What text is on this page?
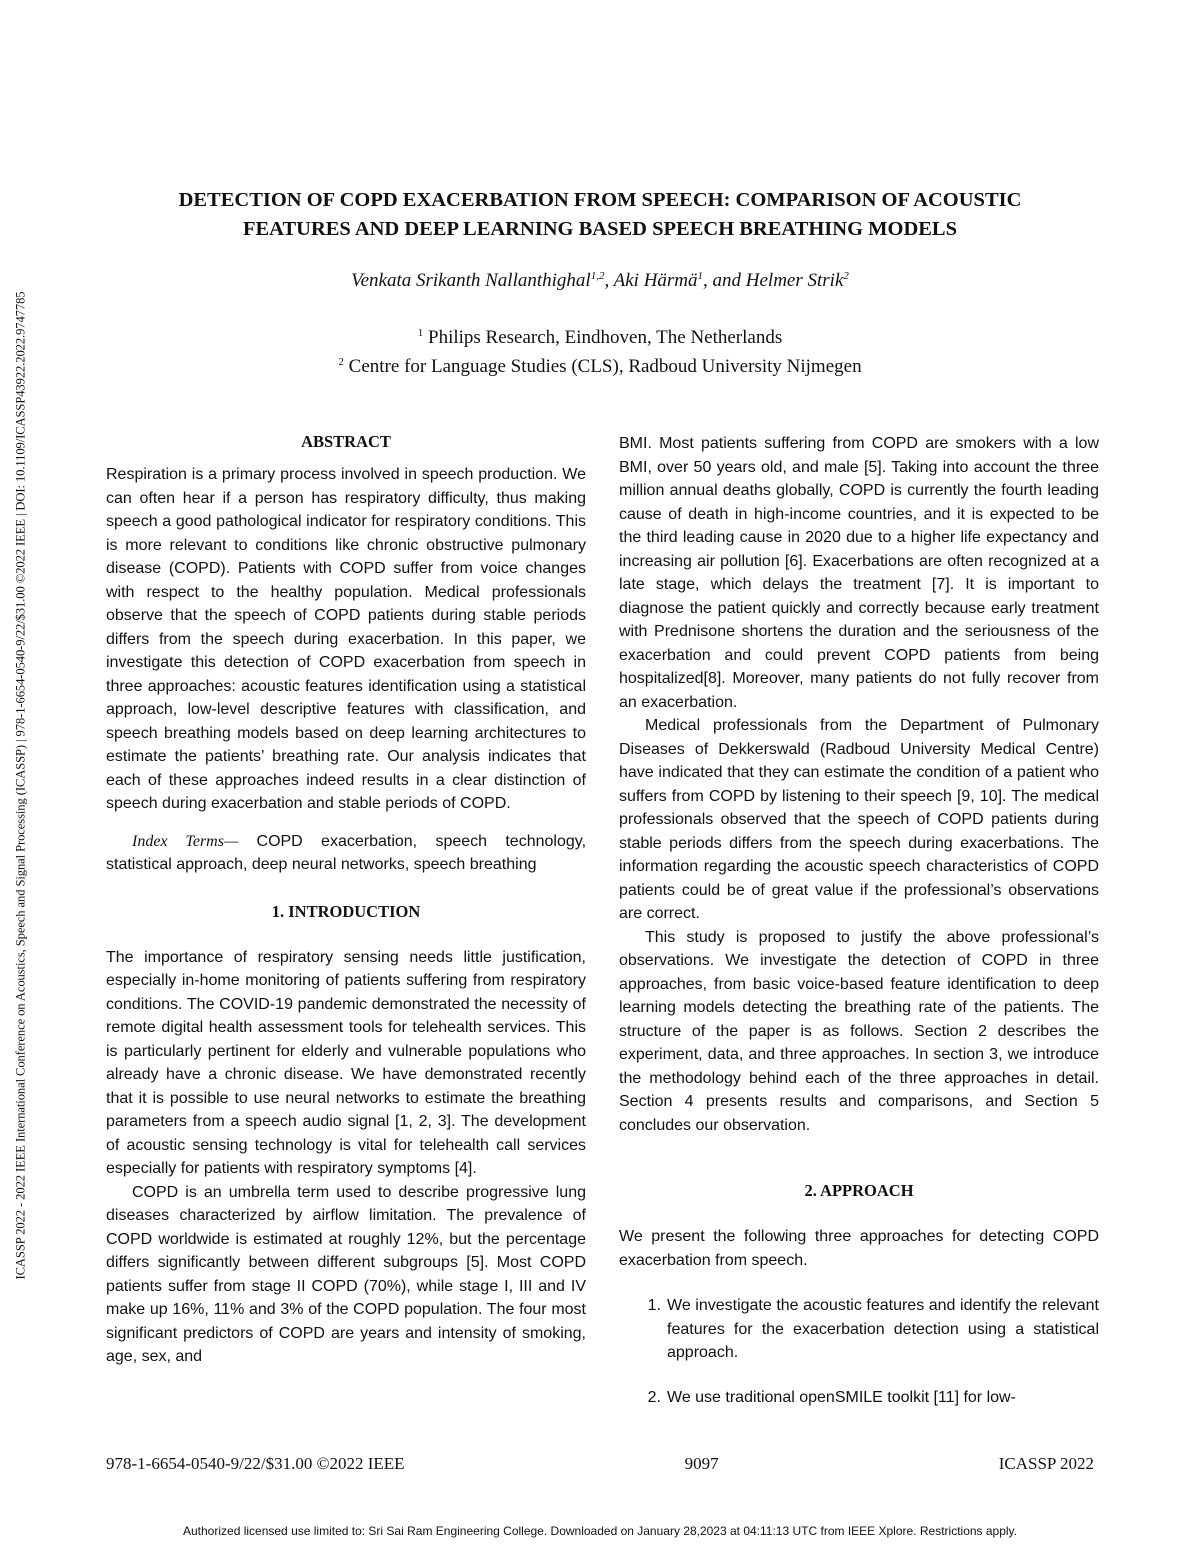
ICASSP 2022 - 2022 IEEE International Conference on Acoustics, Speech and Signal Processing (ICASSP) | 978-1-6654-0540-9/22/$31.00 ©2022 IEEE | DOI: 10.1109/ICASSP43922.2022.9747785
DETECTION OF COPD EXACERBATION FROM SPEECH: COMPARISON OF ACOUSTIC
FEATURES AND DEEP LEARNING BASED SPEECH BREATHING MODELS

Venkata Srikanth Nallanthighal$^{1,2}$, Aki Härmä$^1$, and Helmer Strik$^2$

$^1$ Philips Research, Eindhoven, The Netherlands
$^2$ Centre for Language Studies (CLS), Radboud University Nijmegen

ABSTRACT

Respiration is a primary process involved in speech production. We can often hear if a person has respiratory difficulty, thus making speech a good pathological indicator for respiratory conditions. This is more relevant to conditions like chronic obstructive pulmonary disease (COPD). Patients with COPD suffer from voice changes with respect to the healthy population. Medical professionals observe that the speech of COPD patients during stable periods differs from the speech during exacerbation. In this paper, we investigate this detection of COPD exacerbation from speech in three approaches: acoustic features identification using a statistical approach, low-level descriptive features with classification, and speech breathing models based on deep learning architectures to estimate the patients’ breathing rate. Our analysis indicates that each of these approaches indeed results in a clear distinction of speech during exacerbation and stable periods of COPD.

Index Terms— COPD exacerbation, speech technology, statistical approach, deep neural networks, speech breathing

1. INTRODUCTION

The importance of respiratory sensing needs little justification, especially in-home monitoring of patients suffering from respiratory conditions. The COVID-19 pandemic demonstrated the necessity of remote digital health assessment tools for telehealth services. This is particularly pertinent for elderly and vulnerable populations who already have a chronic disease. We have demonstrated recently that it is possible to use neural networks to estimate the breathing parameters from a speech audio signal [1, 2, 3]. The development of acoustic sensing technology is vital for telehealth call services especially for patients with respiratory symptoms [4].

COPD is an umbrella term used to describe progressive lung diseases characterized by airflow limitation. The prevalence of COPD worldwide is estimated at roughly 12%, but the percentage differs significantly between different subgroups [5]. Most COPD patients suffer from stage II COPD (70%), while stage I, III and IV make up 16%, 11% and 3% of the COPD population. The four most significant predictors of COPD are years and intensity of smoking, age, sex, and

BMI. Most patients suffering from COPD are smokers with a low BMI, over 50 years old, and male [5]. Taking into account the three million annual deaths globally, COPD is currently the fourth leading cause of death in high-income countries, and it is expected to be the third leading cause in 2020 due to a higher life expectancy and increasing air pollution [6]. Exacerbations are often recognized at a late stage, which delays the treatment [7]. It is important to diagnose the patient quickly and correctly because early treatment with Prednisone shortens the duration and the seriousness of the exacerbation and could prevent COPD patients from being hospitalized[8]. Moreover, many patients do not fully recover from an exacerbation.

Medical professionals from the Department of Pulmonary Diseases of Dekkerswald (Radboud University Medical Centre) have indicated that they can estimate the condition of a patient who suffers from COPD by listening to their speech [9, 10]. The medical professionals observed that the speech of COPD patients during stable periods differs from the speech during exacerbations. The information regarding the acoustic speech characteristics of COPD patients could be of great value if the professional’s observations are correct.

This study is proposed to justify the above professional’s observations. We investigate the detection of COPD in three approaches, from basic voice-based feature identification to deep learning models detecting the breathing rate of the patients. The structure of the paper is as follows. Section 2 describes the experiment, data, and three approaches. In section 3, we introduce the methodology behind each of the three approaches in detail. Section 4 presents results and comparisons, and Section 5 concludes our observation.

2. APPROACH

We present the following three approaches for detecting COPD exacerbation from speech.

1. We investigate the acoustic features and identify the relevant features for the exacerbation detection using a statistical approach.
2. We use traditional openSMILE toolkit [11] for low-
978-1-6654-0540-9/22/$31.00 ©2022 IEEE	9097	ICASSP 2022
Authorized licensed use limited to: Sri Sai Ram Engineering College. Downloaded on January 28,2023 at 04:11:13 UTC from IEEE Xplore. Restrictions apply.
